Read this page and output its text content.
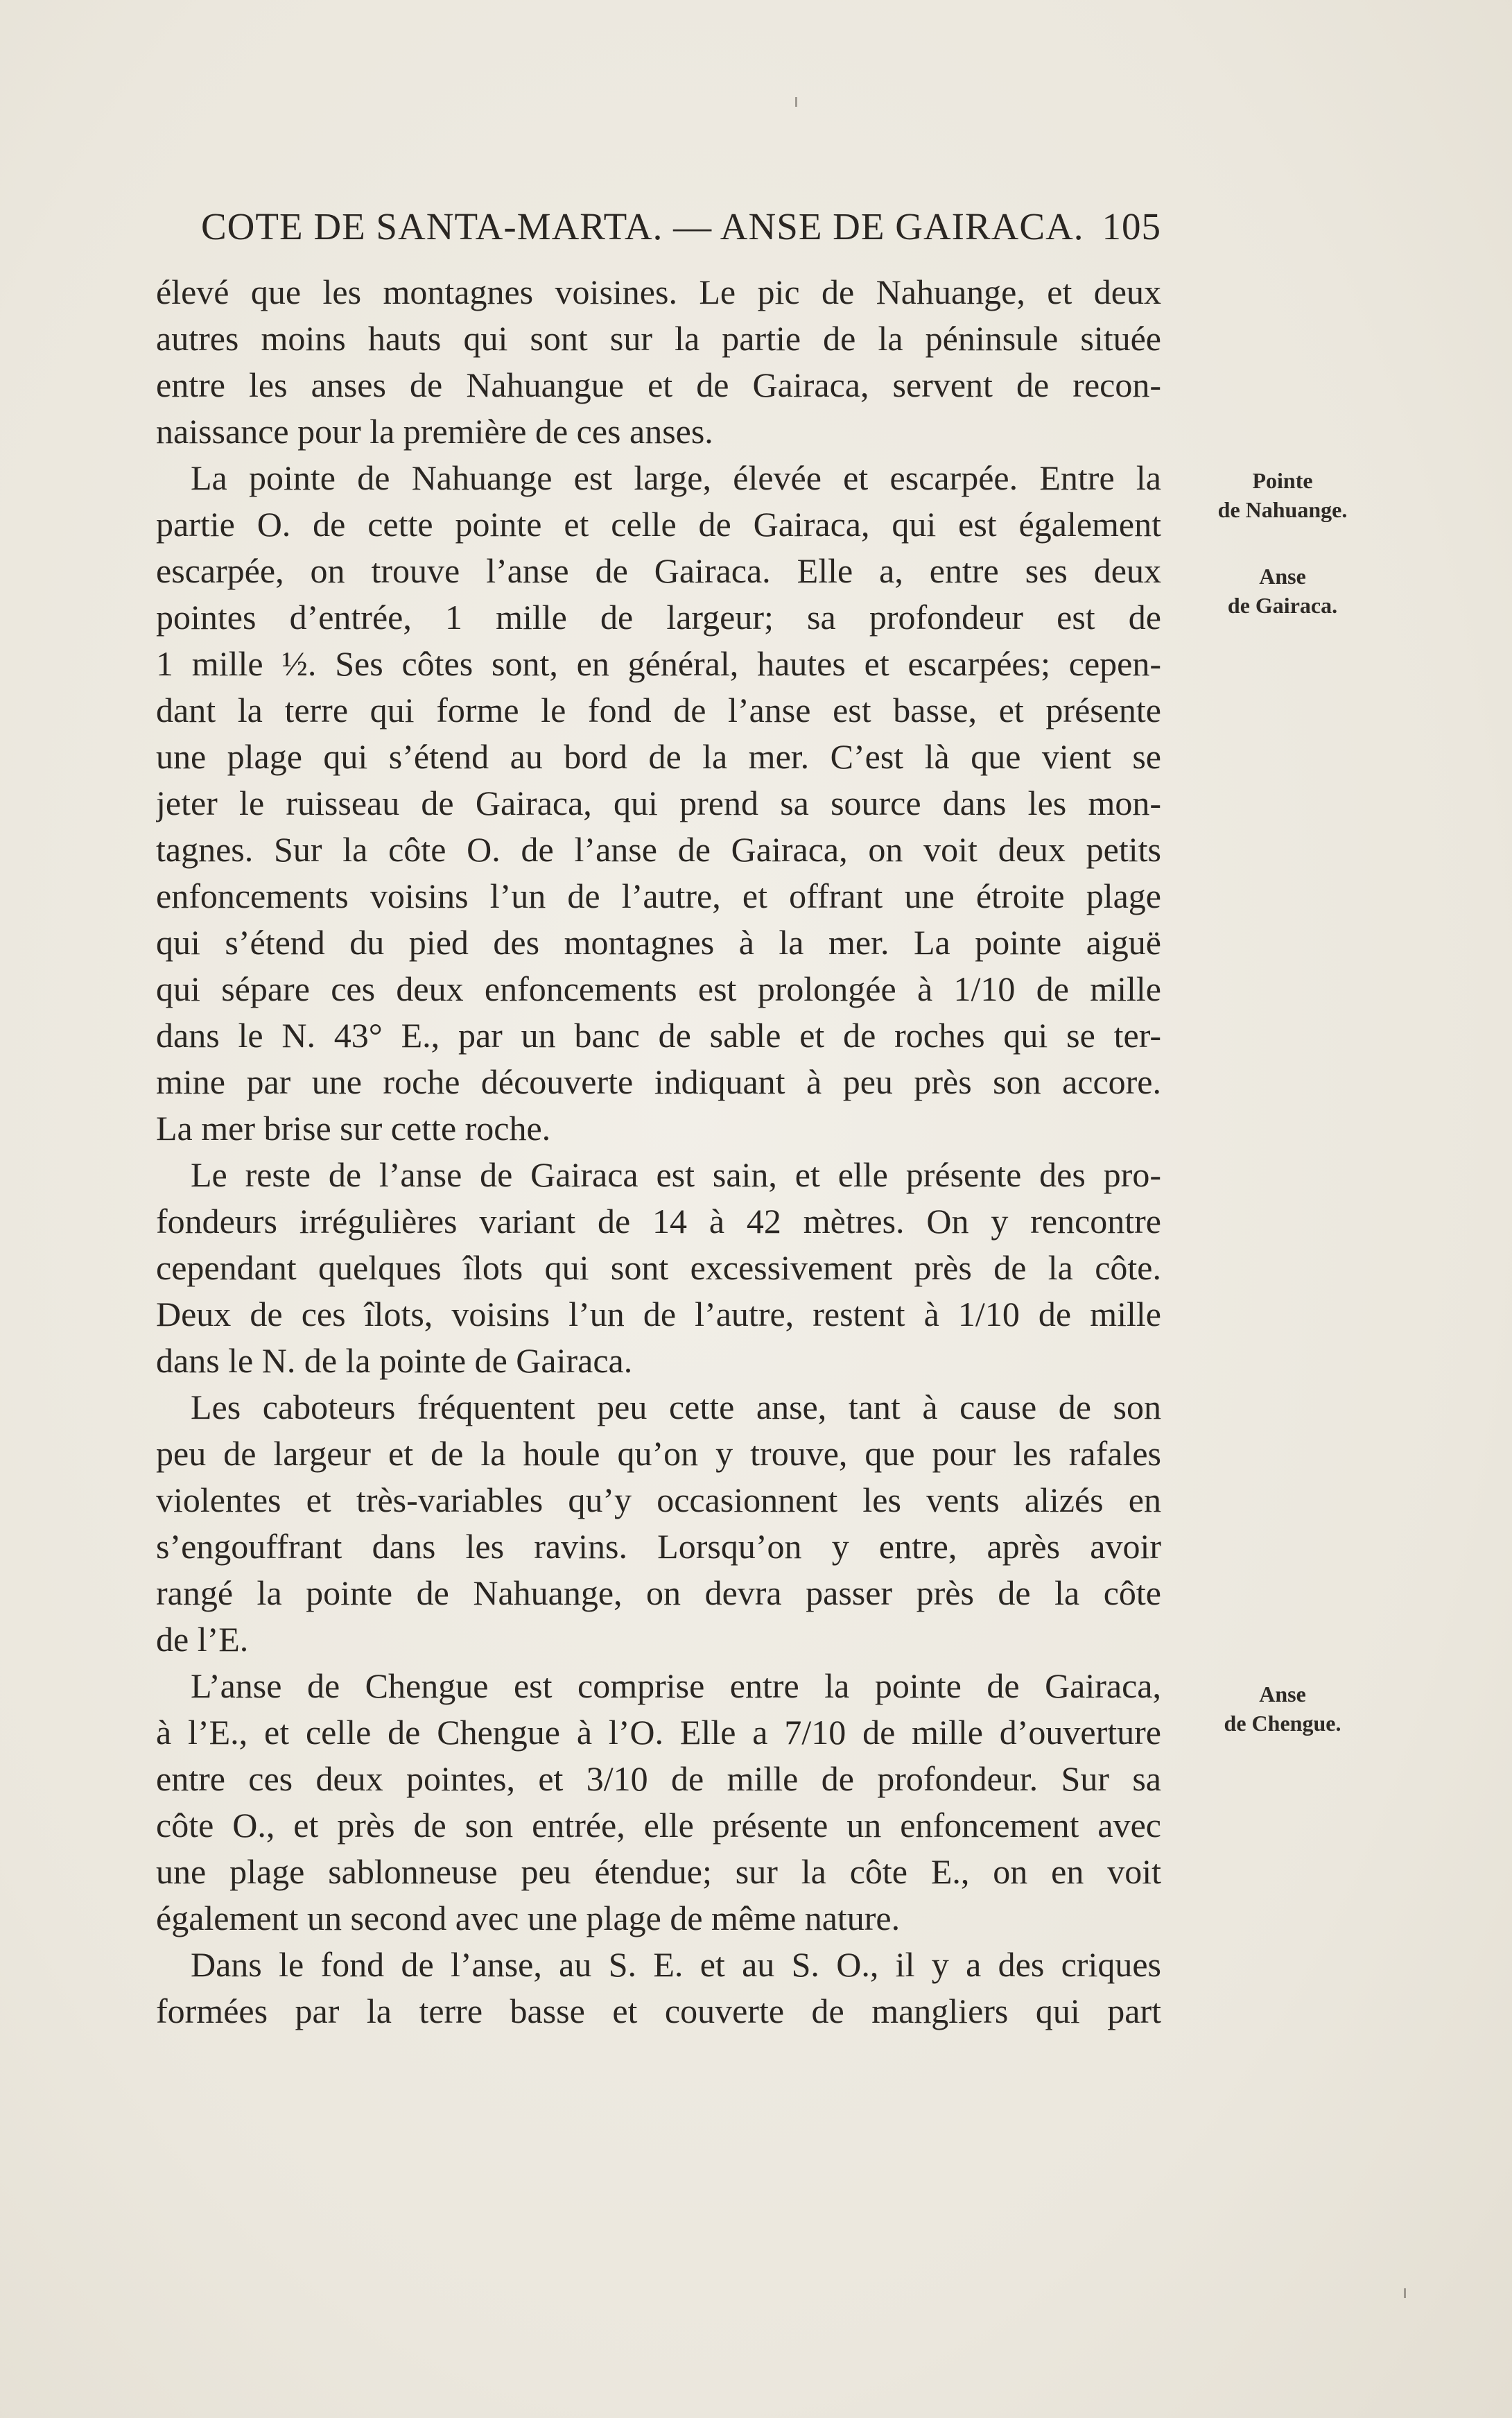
COTE DE SANTA-MARTA. — ANSE DE GAIRACA. 105
élevé que les montagnes voisines. Le pic de Nahuange, et deux
autres moins hauts qui sont sur la partie de la péninsule située
entre les anses de Nahuangue et de Gairaca, servent de recon-
naissance pour la première de ces anses.
La pointe de Nahuange est large, élevée et escarpée. Entre la
partie O. de cette pointe et celle de Gairaca, qui est également
escarpée, on trouve l’anse de Gairaca. Elle a, entre ses deux
pointes d’entrée, 1 mille de largeur; sa profondeur est de
1 mille ½. Ses côtes sont, en général, hautes et escarpées; cepen-
dant la terre qui forme le fond de l’anse est basse, et présente
une plage qui s’étend au bord de la mer. C’est là que vient se
jeter le ruisseau de Gairaca, qui prend sa source dans les mon-
tagnes. Sur la côte O. de l’anse de Gairaca, on voit deux petits
enfoncements voisins l’un de l’autre, et offrant une étroite plage
qui s’étend du pied des montagnes à la mer. La pointe aiguë
qui sépare ces deux enfoncements est prolongée à 1/10 de mille
dans le N. 43° E., par un banc de sable et de roches qui se ter-
mine par une roche découverte indiquant à peu près son accore.
La mer brise sur cette roche.
Le reste de l’anse de Gairaca est sain, et elle présente des pro-
fondeurs irrégulières variant de 14 à 42 mètres. On y rencontre
cependant quelques îlots qui sont excessivement près de la côte.
Deux de ces îlots, voisins l’un de l’autre, restent à 1/10 de mille
dans le N. de la pointe de Gairaca.
Les caboteurs fréquentent peu cette anse, tant à cause de son
peu de largeur et de la houle qu’on y trouve, que pour les rafales
violentes et très-variables qu’y occasionnent les vents alizés en
s’engouffrant dans les ravins. Lorsqu’on y entre, après avoir
rangé la pointe de Nahuange, on devra passer près de la côte
de l’E.
L’anse de Chengue est comprise entre la pointe de Gairaca,
à l’E., et celle de Chengue à l’O. Elle a 7/10 de mille d’ouverture
entre ces deux pointes, et 3/10 de mille de profondeur. Sur sa
côte O., et près de son entrée, elle présente un enfoncement avec
une plage sablonneuse peu étendue; sur la côte E., on en voit
également un second avec une plage de même nature.
Dans le fond de l’anse, au S. E. et au S. O., il y a des criques
formées par la terre basse et couverte de mangliers qui part
Pointe
de Nahuange.
Anse
de Gairaca.
Anse
de Chengue.
